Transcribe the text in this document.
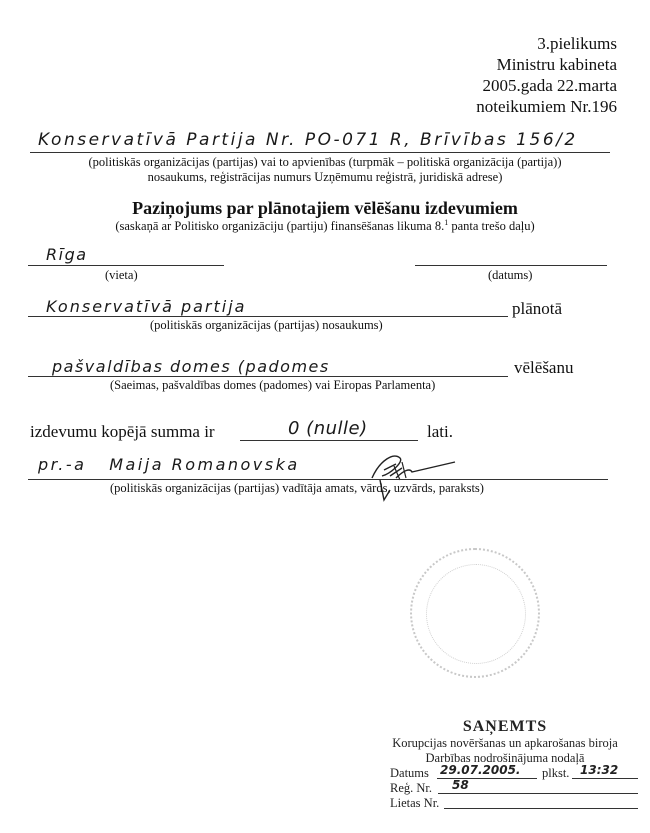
3.pielikums
Ministru kabineta
2005.gada 22.marta
noteikumiem Nr.196
Konservatīvā Partija Nr. PO-071 R, Brīvības 156/2
(politiskās organizācijas (partijas) vai to apvienības (turpmāk – politiskā organizācija (partija))
nosaukums, reģistrācijas numurs Uzņēmumu reģistrā, juridiskā adrese)
Paziņojums par plānotajiem vēlēšanu izdevumiem
(saskaņā ar Politisko organizāciju (partiju) finansēšanas likuma 8.$^1$ panta trešo daļu)
Rīga
(vieta)	(datums)
Konservatīvā partija	plānotā
(politiskās organizācijas (partijas) nosaukums)
pašvaldības domes (padomes	vēlēšanu
(Saeimas, pašvaldības domes (padomes) vai Eiropas Parlamenta)
izdevumu kopējā summa ir	0 (nulle)	lati.
pr.-a   Maija Romanovska
(politiskās organizācijas (partijas) vadītāja amats, vārds, uzvārds, paraksts)
SAŅEMTS
Korupcijas novēršanas un apkarošanas biroja
Darbības nodrošinājuma nodaļā
Datums 29.07.2005. plkst. 13:32
Reģ. Nr. 58
Lietas Nr.
